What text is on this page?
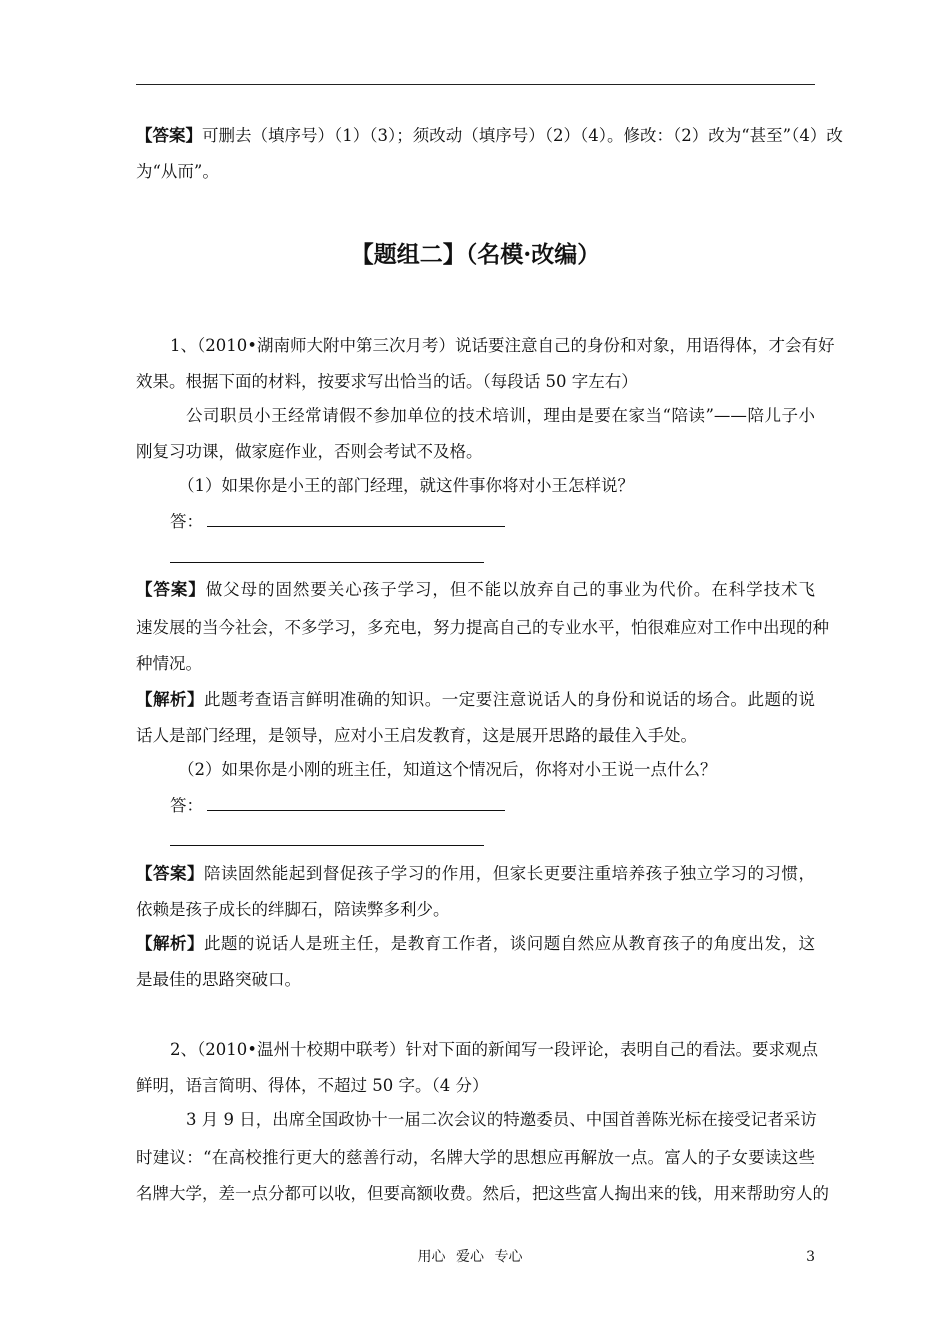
【答案】可删去（填序号）（1）（3）；须改动（填序号）（2）（4）。修改：（2）改为“甚至”（4）改
为“从而”。
【题组二】（名模·改编）
1、（2010•湖南师大附中第三次月考）说话要注意自己的身份和对象，用语得体，才会有好
效果。根据下面的材料，按要求写出恰当的话。（每段话 50 字左右）
公司职员小王经常请假不参加单位的技术培训，理由是要在家当“陪读”——陪儿子小
刚复习功课，做家庭作业，否则会考试不及格。
（1）如果你是小王的部门经理，就这件事你将对小王怎样说？
答：
【答案】做父母的固然要关心孩子学习，但不能以放弃自己的事业为代价。在科学技术飞
速发展的当今社会，不多学习，多充电，努力提高自己的专业水平，怕很难应对工作中出现的种
种情况。
【解析】此题考查语言鲜明准确的知识。一定要注意说话人的身份和说话的场合。此题的说
话人是部门经理，是领导，应对小王启发教育，这是展开思路的最佳入手处。
（2）如果你是小刚的班主任，知道这个情况后，你将对小王说一点什么？
答：
【答案】陪读固然能起到督促孩子学习的作用，但家长更要注重培养孩子独立学习的习惯，
依赖是孩子成长的绊脚石，陪读弊多利少。
【解析】此题的说话人是班主任，是教育工作者，谈问题自然应从教育孩子的角度出发，这
是最佳的思路突破口。
2、（2010•温州十校期中联考）针对下面的新闻写一段评论，表明自己的看法。要求观点
鲜明，语言简明、得体，不超过 50 字。（4 分）
3 月 9 日，出席全国政协十一届二次会议的特邀委员、中国首善陈光标在接受记者采访
时建议：“在高校推行更大的慈善行动，名牌大学的思想应再解放一点。富人的子女要读这些
名牌大学，差一点分都可以收，但要高额收费。然后，把这些富人掏出来的钱，用来帮助穷人的
用心 爱心 专心	3
